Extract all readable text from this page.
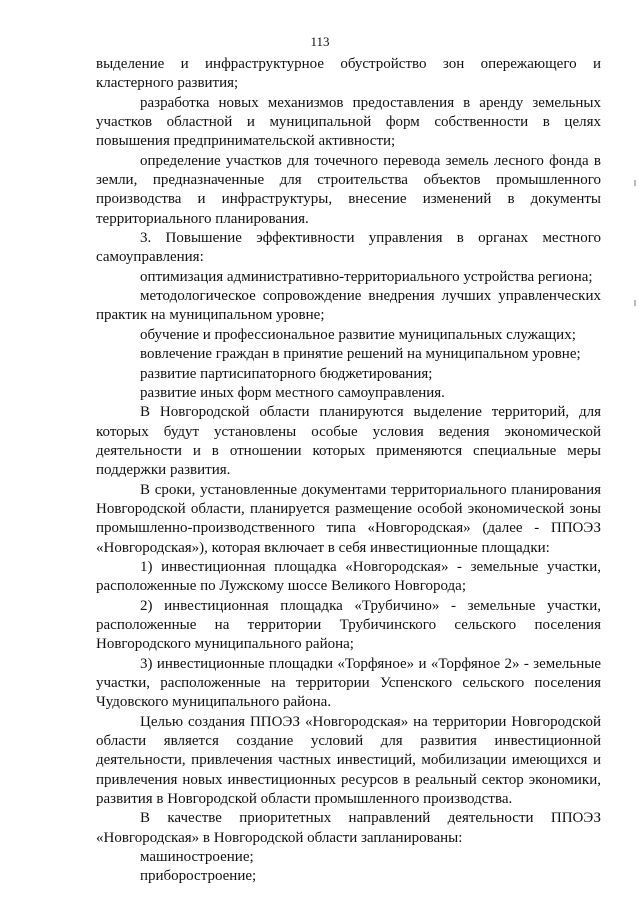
113

выделение и инфраструктурное обустройство зон опережающего и кластерного развития;

разработка новых механизмов предоставления в аренду земельных участков областной и муниципальной форм собственности в целях повышения предпринимательской активности;

определение участков для точечного перевода земель лесного фонда в земли, предназначенные для строительства объектов промышленного производства и инфраструктуры, внесение изменений в документы территориального планирования.

3. Повышение эффективности управления в органах местного самоуправления:

оптимизация административно-территориального устройства региона;

методологическое сопровождение внедрения лучших управленческих практик на муниципальном уровне;

обучение и профессиональное развитие муниципальных служащих;

вовлечение граждан в принятие решений на муниципальном уровне;

развитие партисипаторного бюджетирования;

развитие иных форм местного самоуправления.

В Новгородской области планируются выделение территорий, для которых будут установлены особые условия ведения экономической деятельности и в отношении которых применяются специальные меры поддержки развития.

В сроки, установленные документами территориального планирования Новгородской области, планируется размещение особой экономической зоны промышленно-производственного типа «Новгородская» (далее - ППОЭЗ «Новгородская»), которая включает в себя инвестиционные площадки:

1) инвестиционная площадка «Новгородская» - земельные участки, расположенные по Лужскому шоссе Великого Новгорода;

2) инвестиционная площадка «Трубичино» - земельные участки, расположенные на территории Трубичинского сельского поселения Новгородского муниципального района;

3) инвестиционные площадки «Торфяное» и «Торфяное 2» - земельные участки, расположенные на территории Успенского сельского поселения Чудовского муниципального района.

Целью создания ППОЭЗ «Новгородская» на территории Новгородской области является создание условий для развития инвестиционной деятельности, привлечения частных инвестиций, мобилизации имеющихся и привлечения новых инвестиционных ресурсов в реальный сектор экономики, развития в Новгородской области промышленного производства.

В качестве приоритетных направлений деятельности ППОЭЗ «Новгородская» в Новгородской области запланированы:

машиностроение;

приборостроение;
